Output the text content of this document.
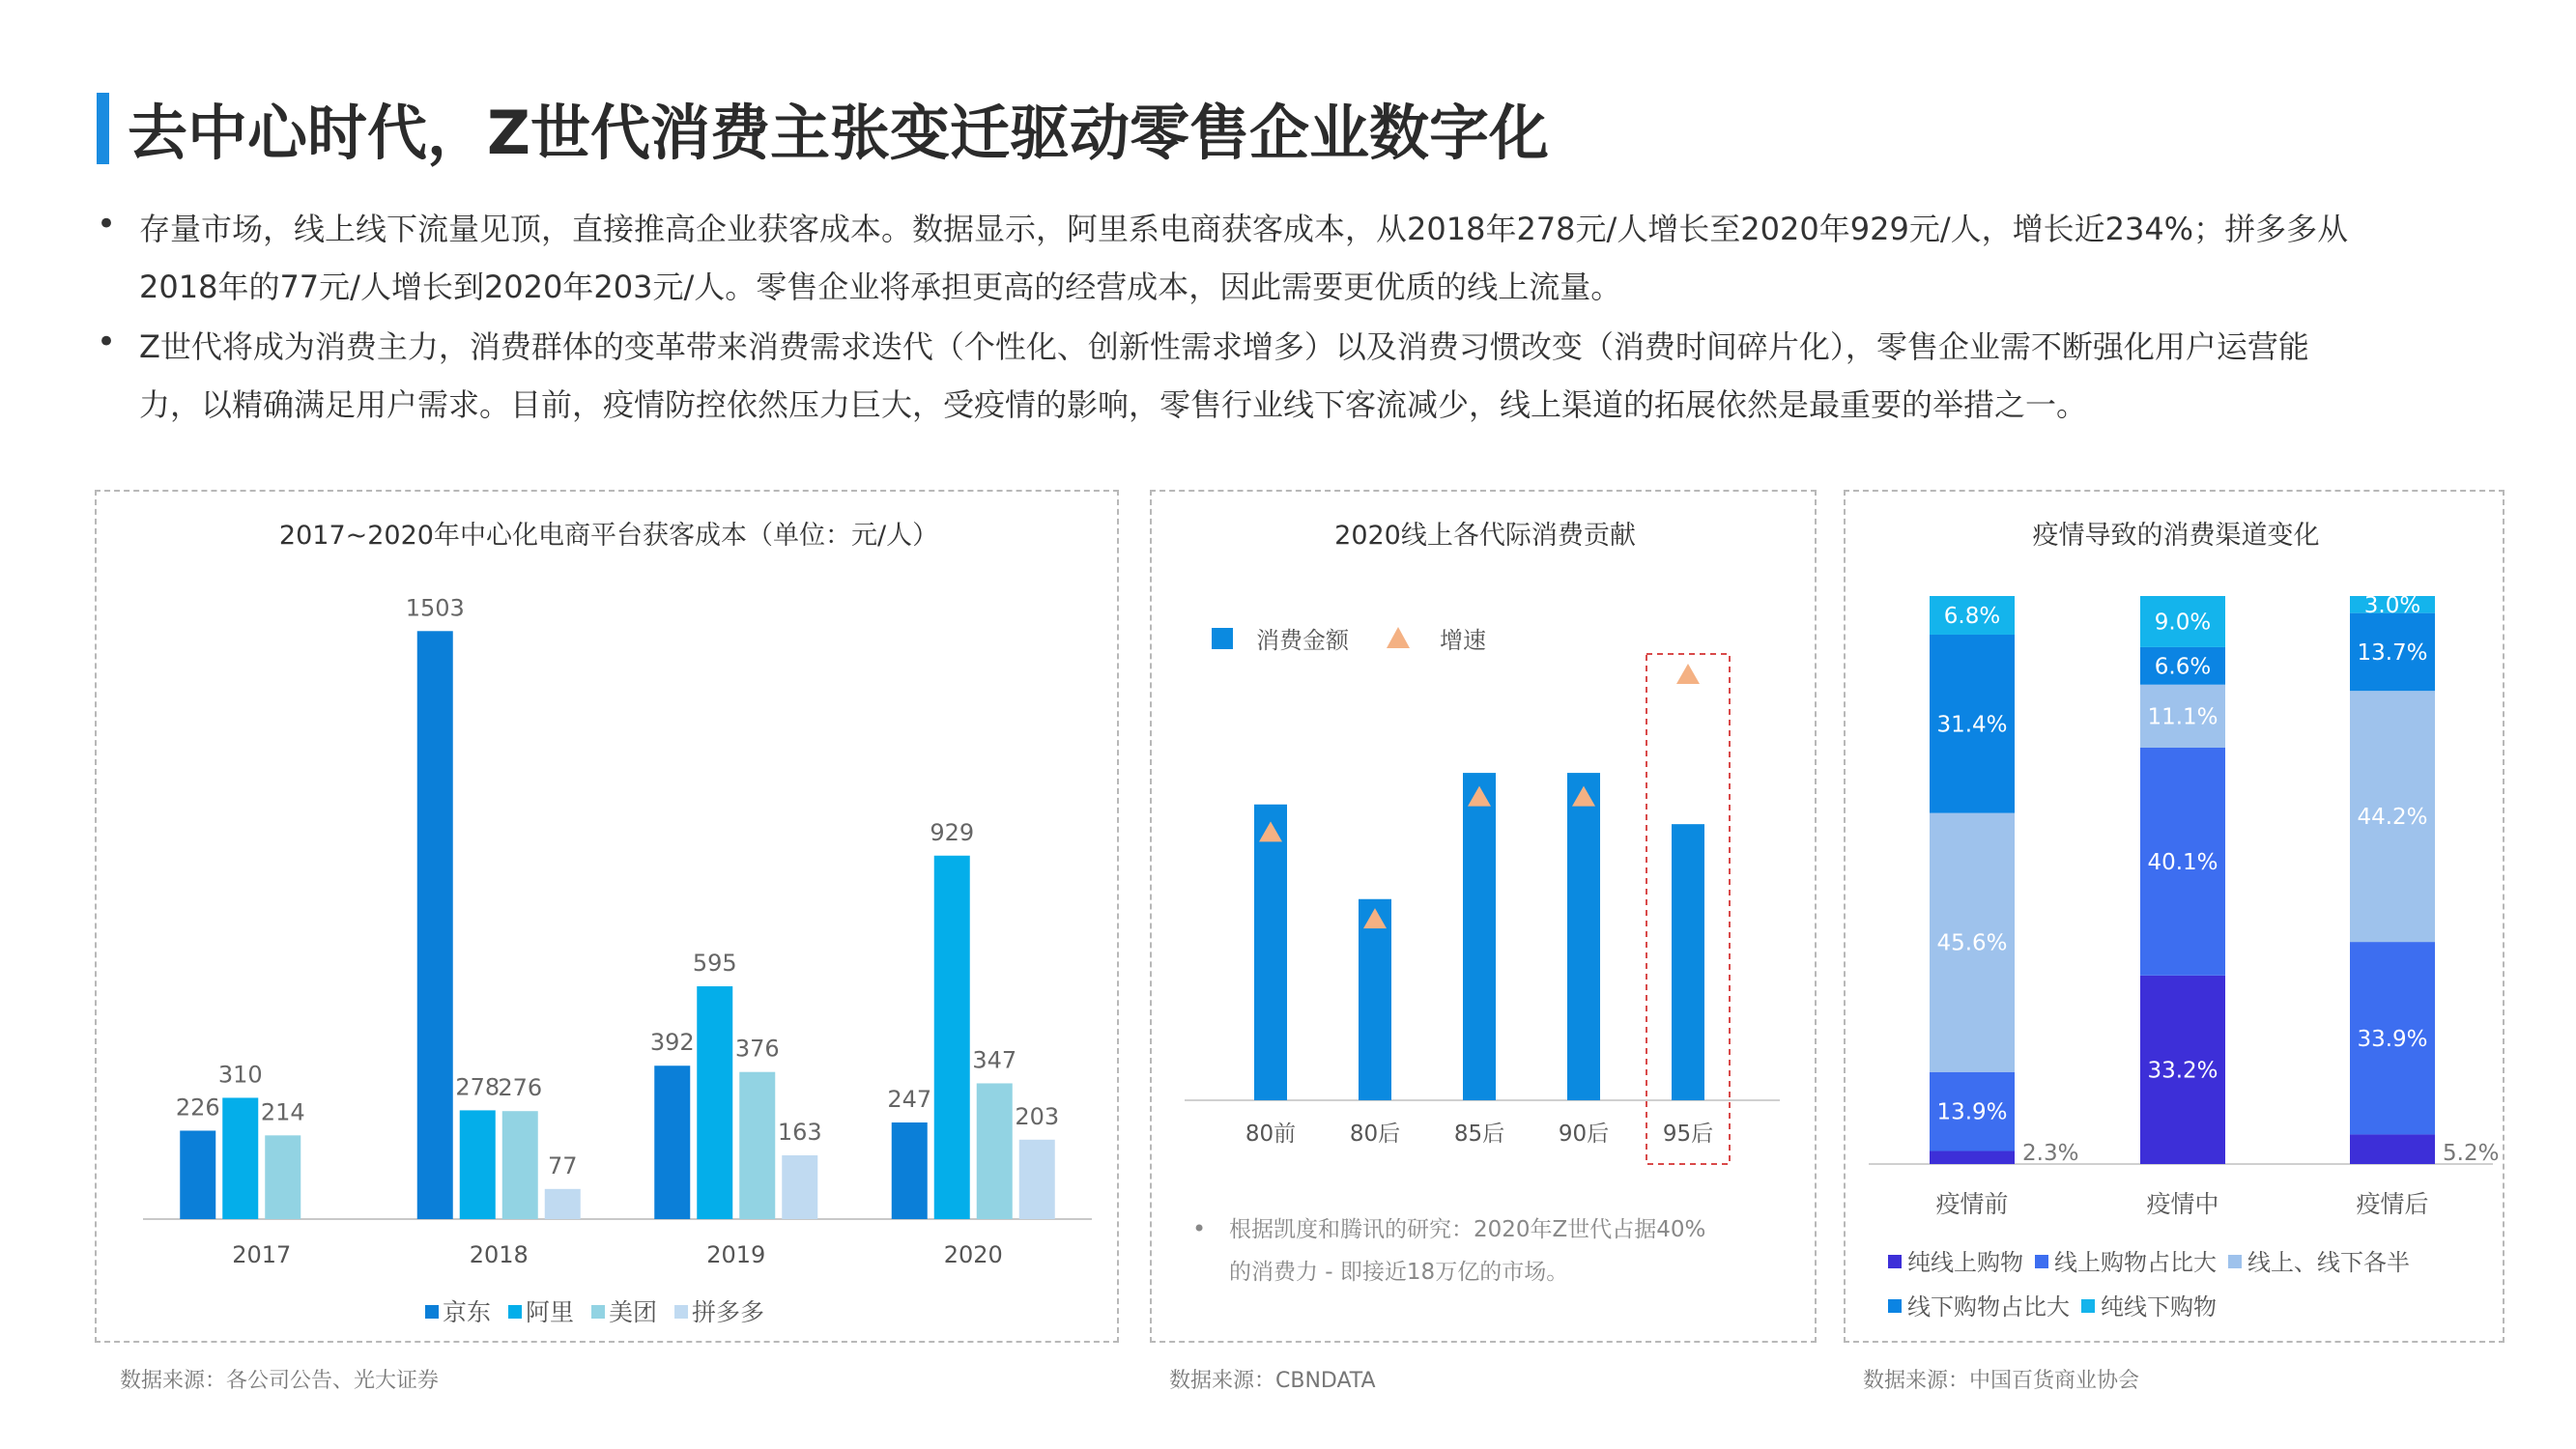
去中心时代，Z世代消费主张变迁驱动零售企业数字化
• 存量市场，线上线下流量见顶，直接推高企业获客成本。数据显示，阿里系电商获客成本，从2018年278元/人增长至2020年929元/人，增长近234%；拼多多从
2018年的77元/人增长到2020年203元/人。零售企业将承担更高的经营成本，因此需要更优质的线上流量。
• Z世代将成为消费主力，消费群体的变革带来消费需求迭代（个性化、创新性需求增多）以及消费习惯改变（消费时间碎片化），零售企业需不断强化用户运营能
力，以精确满足用户需求。目前，疫情防控依然压力巨大，受疫情的影响，零售行业线下客流减少，线上渠道的拓展依然是最重要的举措之一。
2017~2020年中心化电商平台获客成本（单位：元/人）
2017
226
310
214
2018
1503
278
276
77
2019
392
595
376
163
2020
247
929
347
203
京东 阿里 美团 拼多多
2020线上各代际消费贡献
消费金额	增速
80前 80后 85后 90后 95后
• 根据凯度和腾讯的研究：2020年Z世代占据40%
的消费力 - 即接近18万亿的市场。
疫情导致的消费渠道变化
2.3%
13.9%
45.6%
31.4%
6.8%
疫情前
33.2%
40.1%
11.1%
6.6%
9.0%
疫情中
5.2%
33.9%
44.2%
13.7%
3.0%
疫情后
纯线上购物 线上购物占比大 线上、线下各半
线下购物占比大 纯线下购物
数据来源：各公司公告、光大证券	数据来源：CBNDATA	数据来源：中国百货商业协会
